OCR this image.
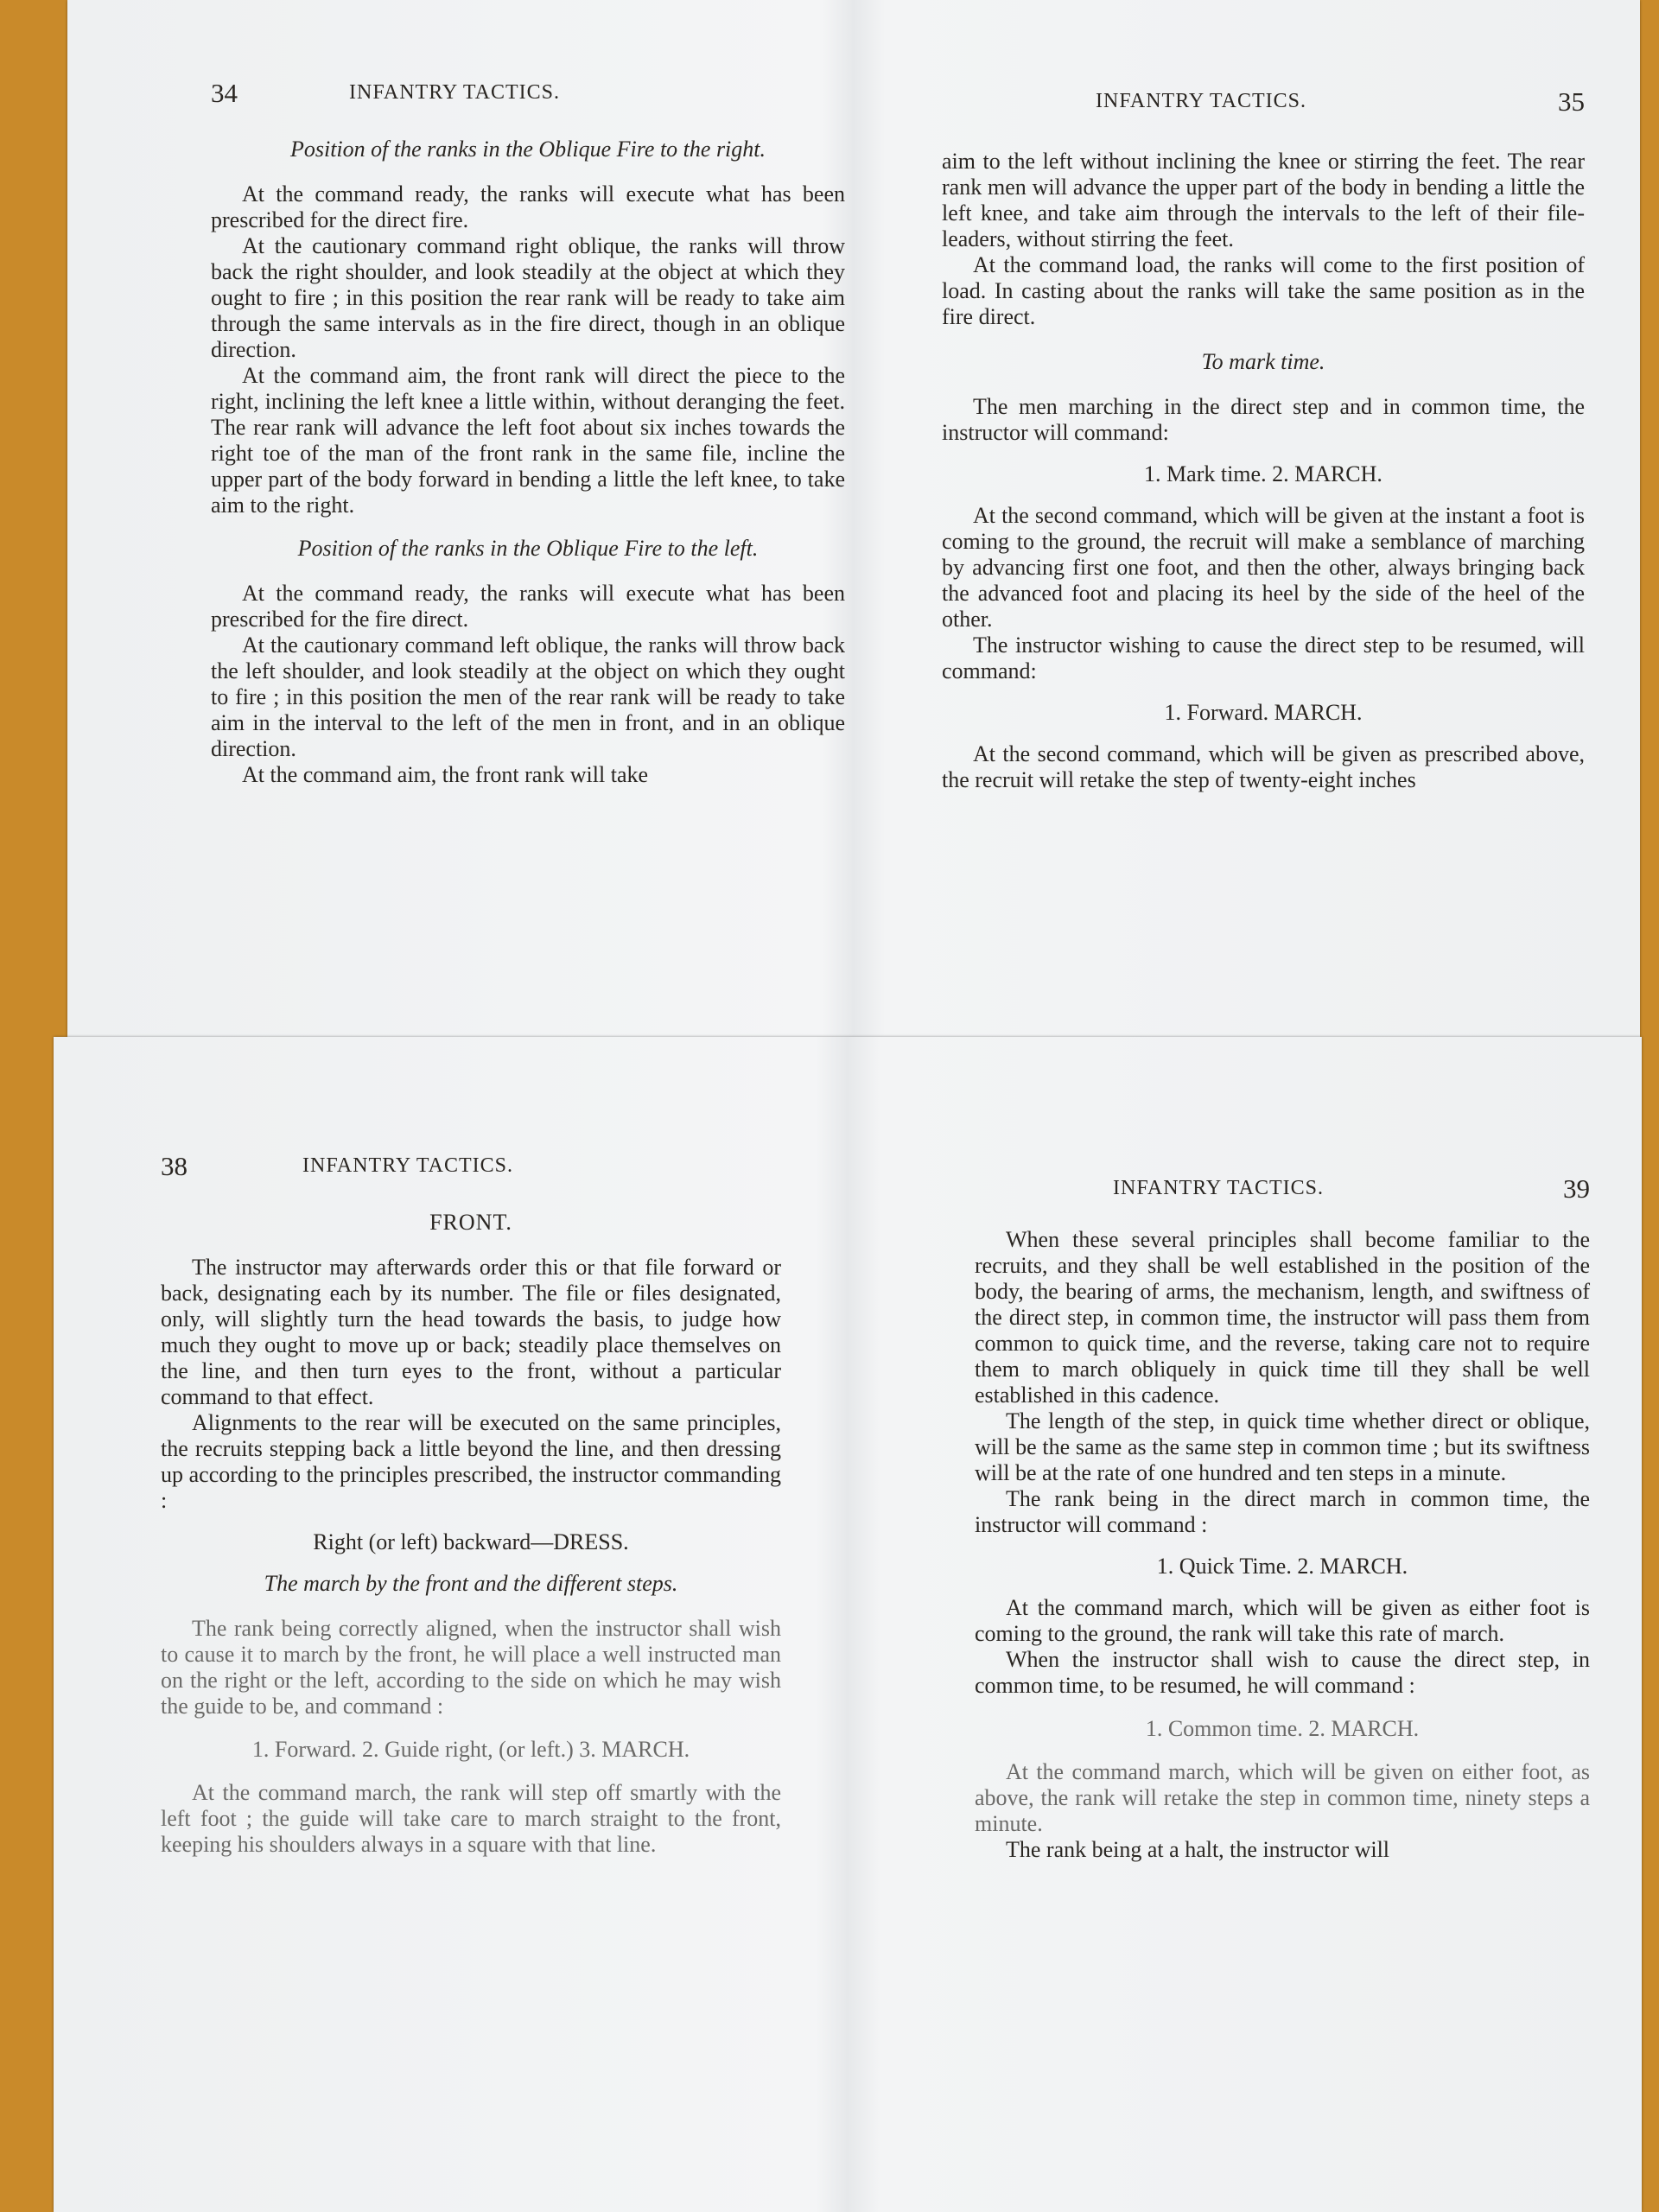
34	INFANTRY TACTICS.

Position of the ranks in the Oblique Fire to the right.

At the command ready, the ranks will execute what has been prescribed for the direct fire.

At the cautionary command right oblique, the ranks will throw back the right shoulder, and look steadily at the object at which they ought to fire ; in this position the rear rank will be ready to take aim through the same intervals as in the fire direct, though in an oblique direction.

At the command aim, the front rank will direct the piece to the right, inclining the left knee a little within, without deranging the feet. The rear rank will advance the left foot about six inches towards the right toe of the man of the front rank in the same file, incline the upper part of the body forward in bending a little the left knee, to take aim to the right.

Position of the ranks in the Oblique Fire to the left.

At the command ready, the ranks will execute what has been prescribed for the fire direct.

At the cautionary command left oblique, the ranks will throw back the left shoulder, and look steadily at the object on which they ought to fire ; in this position the men of the rear rank will be ready to take aim in the interval to the left of the men in front, and in an oblique direction.

At the command aim, the front rank will take

INFANTRY TACTICS.	35

aim to the left without inclining the knee or stirring the feet. The rear rank men will advance the upper part of the body in bending a little the left knee, and take aim through the intervals to the left of their file-leaders, without stirring the feet.

At the command load, the ranks will come to the first position of load. In casting about the ranks will take the same position as in the fire direct.

To mark time.

The men marching in the direct step and in common time, the instructor will command:

1. Mark time. 2. MARCH.

At the second command, which will be given at the instant a foot is coming to the ground, the recruit will make a semblance of marching by advancing first one foot, and then the other, always bringing back the advanced foot and placing its heel by the side of the heel of the other.

The instructor wishing to cause the direct step to be resumed, will command:

1. Forward. MARCH.

At the second command, which will be given as prescribed above, the recruit will retake the step of twenty-eight inches

38	INFANTRY TACTICS.

FRONT.

The instructor may afterwards order this or that file forward or back, designating each by its number. The file or files designated, only, will slightly turn the head towards the basis, to judge how much they ought to move up or back; steadily place themselves on the line, and then turn eyes to the front, without a particular command to that effect.

Alignments to the rear will be executed on the same principles, the recruits stepping back a little beyond the line, and then dressing up according to the principles prescribed, the instructor commanding :

Right (or left) backward—DRESS.

The march by the front and the different steps.

The rank being correctly aligned, when the instructor shall wish to cause it to march by the front, he will place a well instructed man on the right or the left, according to the side on which he may wish the guide to be, and command :

1. Forward. 2. Guide right, (or left.) 3. MARCH.

At the command march, the rank will step off smartly with the left foot ; the guide will take care to march straight to the front, keeping his shoulders always in a square with that line.

INFANTRY TACTICS.	39

When these several principles shall become familiar to the recruits, and they shall be well established in the position of the body, the bearing of arms, the mechanism, length, and swiftness of the direct step, in common time, the instructor will pass them from common to quick time, and the reverse, taking care not to require them to march obliquely in quick time till they shall be well established in this cadence.

The length of the step, in quick time whether direct or oblique, will be the same as the same step in common time ; but its swiftness will be at the rate of one hundred and ten steps in a minute.

The rank being in the direct march in common time, the instructor will command :

1. Quick Time. 2. MARCH.

At the command march, which will be given as either foot is coming to the ground, the rank will take this rate of march.

When the instructor shall wish to cause the direct step, in common time, to be resumed, he will command :

1. Common time. 2. MARCH.

At the command march, which will be given on either foot, as above, the rank will retake the step in common time, ninety steps a minute.

The rank being at a halt, the instructor will
